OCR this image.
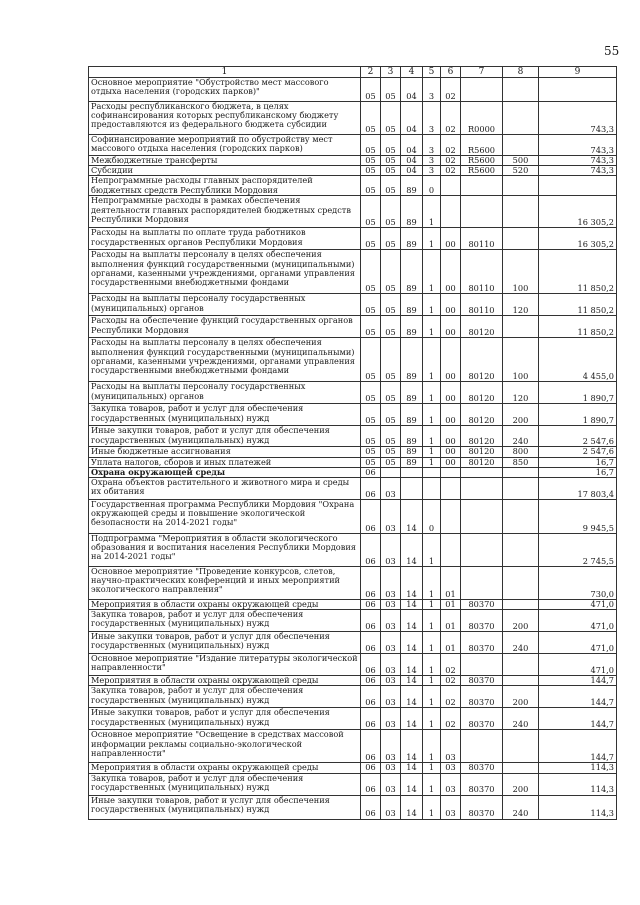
55
1	2	3	4	5	6	7	8	9
Основное мероприятие "Обустройство мест массового отдыха населения (городских парков)"	05	05	04	3	02			
Расходы республиканского бюджета, в целях софинансирования которых республиканскому бюджету предоставляются из федерального бюджета субсидии	05	05	04	3	02	R0000		743,3
Софинансирование мероприятий по обустройству мест массового отдыха населения (городских парков)	05	05	04	3	02	R5600		743,3
Межбюджетные трансферты	05	05	04	3	02	R5600	500	743,3
Субсидии	05	05	04	3	02	R5600	520	743,3
Непрограммные расходы главных распорядителей бюджетных средств Республики Мордовия	05	05	89	0				
Непрограммные расходы в рамках обеспечения деятельности главных распорядителей бюджетных средств Республики Мордовия	05	05	89	1				16 305,2
Расходы на выплаты по оплате труда работников государственных органов Республики Мордовия	05	05	89	1	00	80110		16 305,2
Расходы на выплаты персоналу в целях обеспечения выполнения функций государственными (муниципальными) органами, казенными учреждениями, органами управления государственными внебюджетными фондами	05	05	89	1	00	80110	100	11 850,2
Расходы на выплаты персоналу государственных (муниципальных) органов	05	05	89	1	00	80110	120	11 850,2
Расходы на обеспечение функций государственных органов Республики Мордовия	05	05	89	1	00	80120		11 850,2
Расходы на выплаты персоналу в целях обеспечения выполнения функций государственными (муниципальными) органами, казенными учреждениями, органами управления государственными внебюджетными фондами	05	05	89	1	00	80120	100	4 455,0
Расходы на выплаты персоналу государственных (муниципальных) органов	05	05	89	1	00	80120	120	1 890,7
Закупка товаров, работ и услуг для обеспечения государственных (муниципальных) нужд	05	05	89	1	00	80120	200	1 890,7
Иные закупки товаров, работ и услуг для обеспечения государственных (муниципальных) нужд	05	05	89	1	00	80120	240	2 547,6
Иные бюджетные ассигнования	05	05	89	1	00	80120	800	2 547,6
Уплата налогов, сборов и иных платежей	05	05	89	1	00	80120	850	16,7
Охрана окружающей среды	06							16,7
Охрана объектов растительного и животного мира и среды их обитания	06	03						17 803,4
Государственная программа Республики Мордовия "Охрана окружающей среды и повышение экологической безопасности на 2014-2021 годы"	06	03	14	0				9 945,5
Подпрограмма "Мероприятия в области экологического образования и воспитания населения Республики Мордовия на 2014-2021 годы"	06	03	14	1				2 745,5
Основное мероприятие "Проведение конкурсов, слетов, научно-практических конференций и иных мероприятий экологического направления"	06	03	14	1	01			730,0
Мероприятия в области охраны окружающей среды	06	03	14	1	01	80370		471,0
Закупка товаров, работ и услуг для обеспечения государственных (муниципальных) нужд	06	03	14	1	01	80370	200	471,0
Иные закупки товаров, работ и услуг для обеспечения государственных (муниципальных) нужд	06	03	14	1	01	80370	240	471,0
Основное мероприятие "Издание литературы экологической направленности"	06	03	14	1	02			471,0
Мероприятия в области охраны окружающей среды	06	03	14	1	02	80370		144,7
Закупка товаров, работ и услуг для обеспечения государственных (муниципальных) нужд	06	03	14	1	02	80370	200	144,7
Иные закупки товаров, работ и услуг для обеспечения государственных (муниципальных) нужд	06	03	14	1	02	80370	240	144,7
Основное мероприятие "Освещение в средствах массовой информации рекламы социально-экологической направленности"	06	03	14	1	03			144,7
Мероприятия в области охраны окружающей среды	06	03	14	1	03	80370		114,3
Закупка товаров, работ и услуг для обеспечения государственных (муниципальных) нужд	06	03	14	1	03	80370	200	114,3
Иные закупки товаров, работ и услуг для обеспечения государственных (муниципальных) нужд	06	03	14	1	03	80370	240	114,3
